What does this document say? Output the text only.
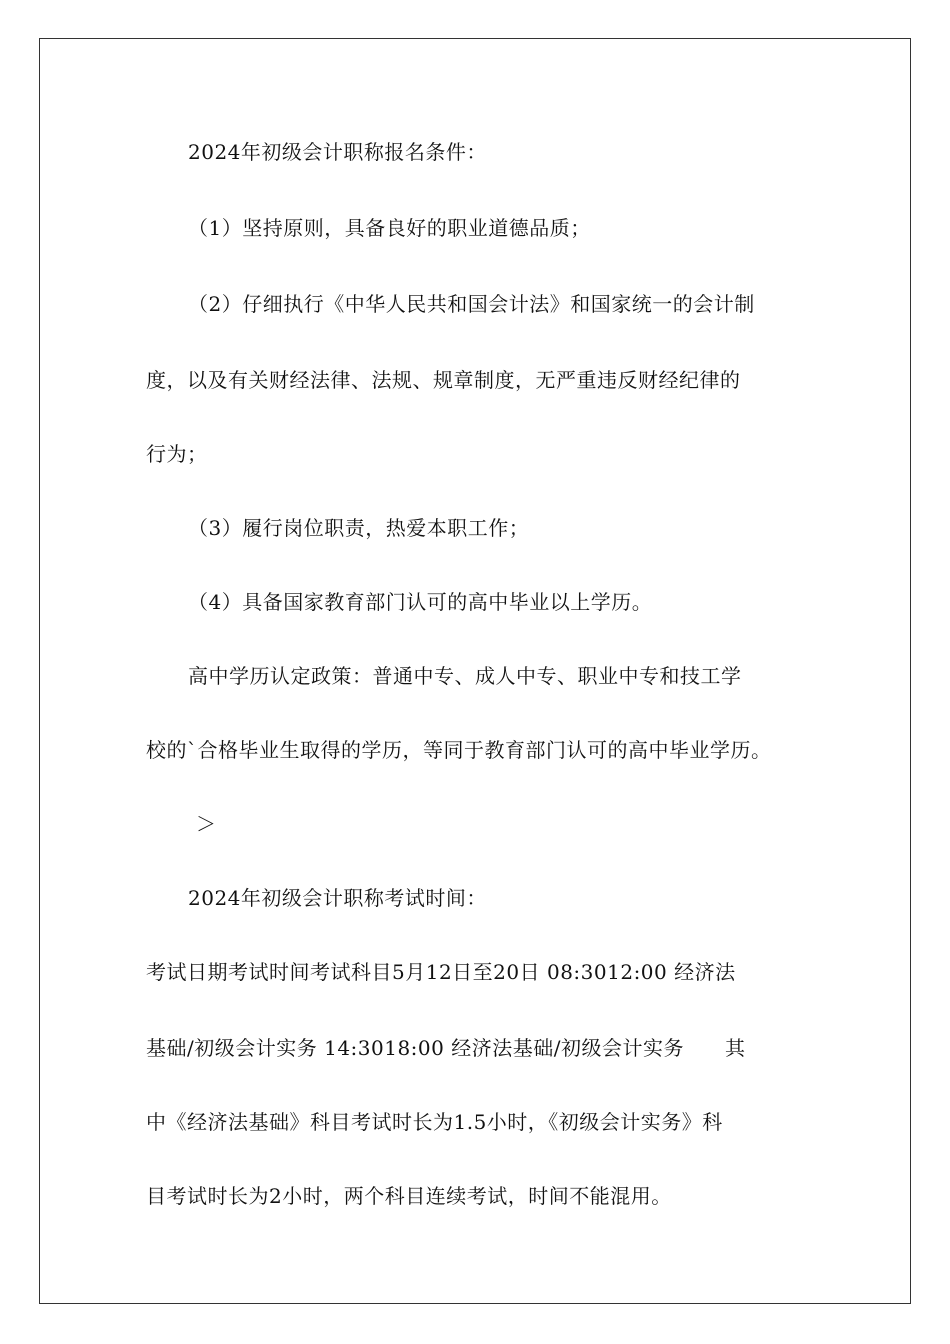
2024年初级会计职称报名条件：
（1）坚持原则，具备良好的职业道德品质；
（2）仔细执行《中华人民共和国会计法》和国家统一的会计制
度，以及有关财经法律、法规、规章制度，无严重违反财经纪律的
行为；
（3）履行岗位职责，热爱本职工作；
（4）具备国家教育部门认可的高中毕业以上学历。
高中学历认定政策：普通中专、成人中专、职业中专和技工学
校的`合格毕业生取得的学历，等同于教育部门认可的高中毕业学历。
＞
2024年初级会计职称考试时间：
考试日期考试时间考试科目5月12日至20日 08:3012:00 经济法
基础/初级会计实务 14:3018:00 经济法基础/初级会计实务　　其
中《经济法基础》科目考试时长为1.5小时，《初级会计实务》科
目考试时长为2小时，两个科目连续考试，时间不能混用。
